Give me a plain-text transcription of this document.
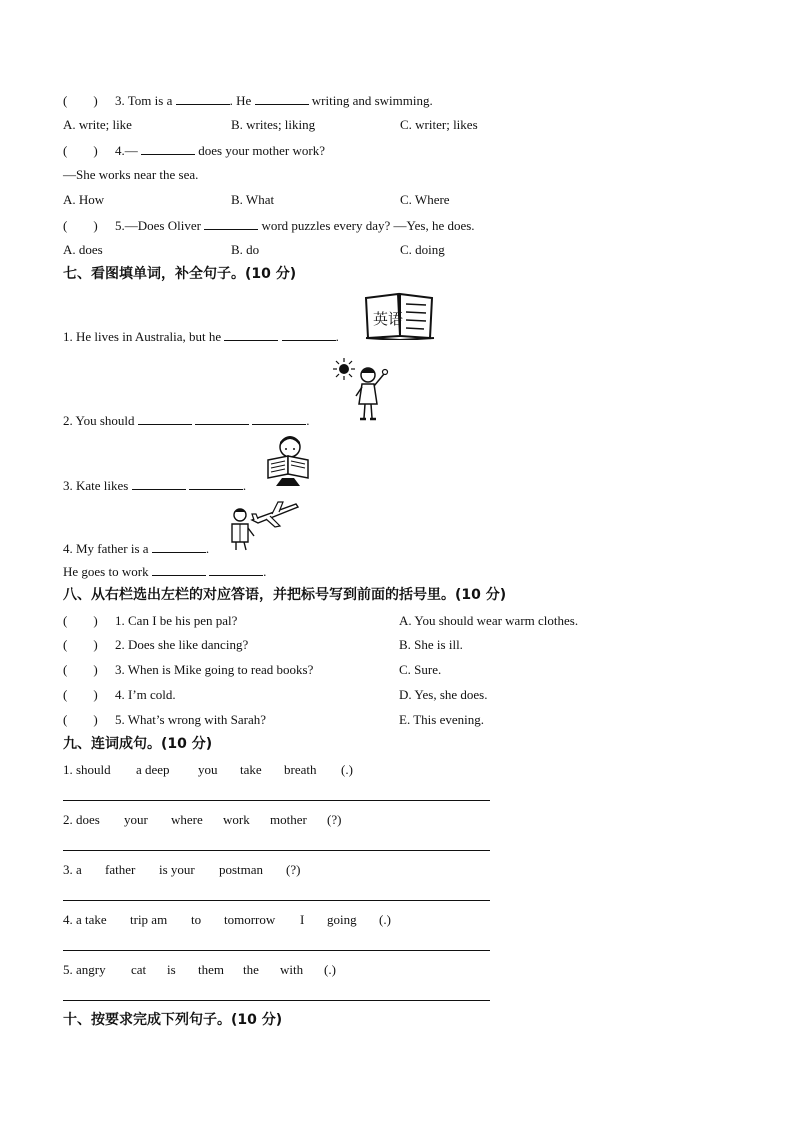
(　　) 3. Tom is a	. He	writing and swimming.
A. write; like	B. writes; liking	C. writer; likes
(　　) 4.—	does your mother work?
—She works near the sea.
A. How	B. What	C. Where
(　　) 5.—Does Oliver	word puzzles every day? —Yes, he does.
A. does	B. do	C. doing
七、看图填单词，补全句子。(10 分)
1. He lives in Australia, but he	.
2. You should	.
3. Kate likes	.
4. My father is a	.
He goes to work	.
英语
八、从右栏选出左栏的对应答语，并把标号写到前面的括号里。(10 分)
(　　) 1. Can I be his pen pal?	A. You should wear warm clothes.
(　　) 2. Does she like dancing?	B. She is ill.
(　　) 3. When is Mike going to read books?	C. Sure.
(　　) 4. I’m cold.	D. Yes, she does.
(　　) 5. What’s wrong with Sarah?	E. This evening.
九、连词成句。(10 分)
1. should a deep you take breath (.)
2. does your where work mother (?)
3. a father is your postman (?)
4. a take trip am to tomorrow I going (.)
5. angry cat is them the with (.)
十、按要求完成下列句子。(10 分)
